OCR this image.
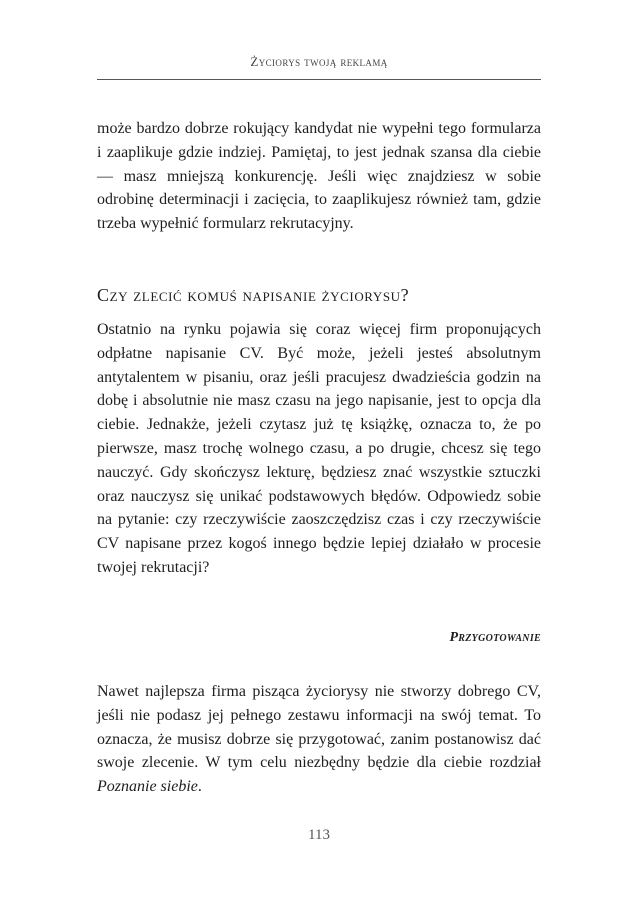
Życiorys twoją reklamą

może bardzo dobrze rokujący kandydat nie wypełni tego formularza i zaaplikuje gdzie indziej. Pamiętaj, to jest jednak szansa dla ciebie — masz mniejszą konkurencję. Jeśli więc znajdziesz w sobie odrobinę determinacji i zacięcia, to zaaplikujesz również tam, gdzie trzeba wypełnić formularz rekrutacyjny.

Czy zlecić komuś napisanie życiorysu?

Ostatnio na rynku pojawia się coraz więcej firm proponujących odpłatne napisanie CV. Być może, jeżeli jesteś absolutnym antytalentem w pisaniu, oraz jeśli pracujesz dwadzieścia godzin na dobę i absolutnie nie masz czasu na jego napisanie, jest to opcja dla ciebie. Jednakże, jeżeli czytasz już tę książkę, oznacza to, że po pierwsze, masz trochę wolnego czasu, a po drugie, chcesz się tego nauczyć. Gdy skończysz lekturę, będziesz znać wszystkie sztuczki oraz nauczysz się unikać podstawowych błędów. Odpowiedz sobie na pytanie: czy rzeczywiście zaoszczędzisz czas i czy rzeczywiście CV napisane przez kogoś innego będzie lepiej działało w procesie twojej rekrutacji?

Przygotowanie

Nawet najlepsza firma pisząca życiorysy nie stworzy dobrego CV, jeśli nie podasz jej pełnego zestawu informacji na swój temat. To oznacza, że musisz dobrze się przygotować, zanim postanowisz dać swoje zlecenie. W tym celu niezbędny będzie dla ciebie rozdział Poznanie siebie.

113
